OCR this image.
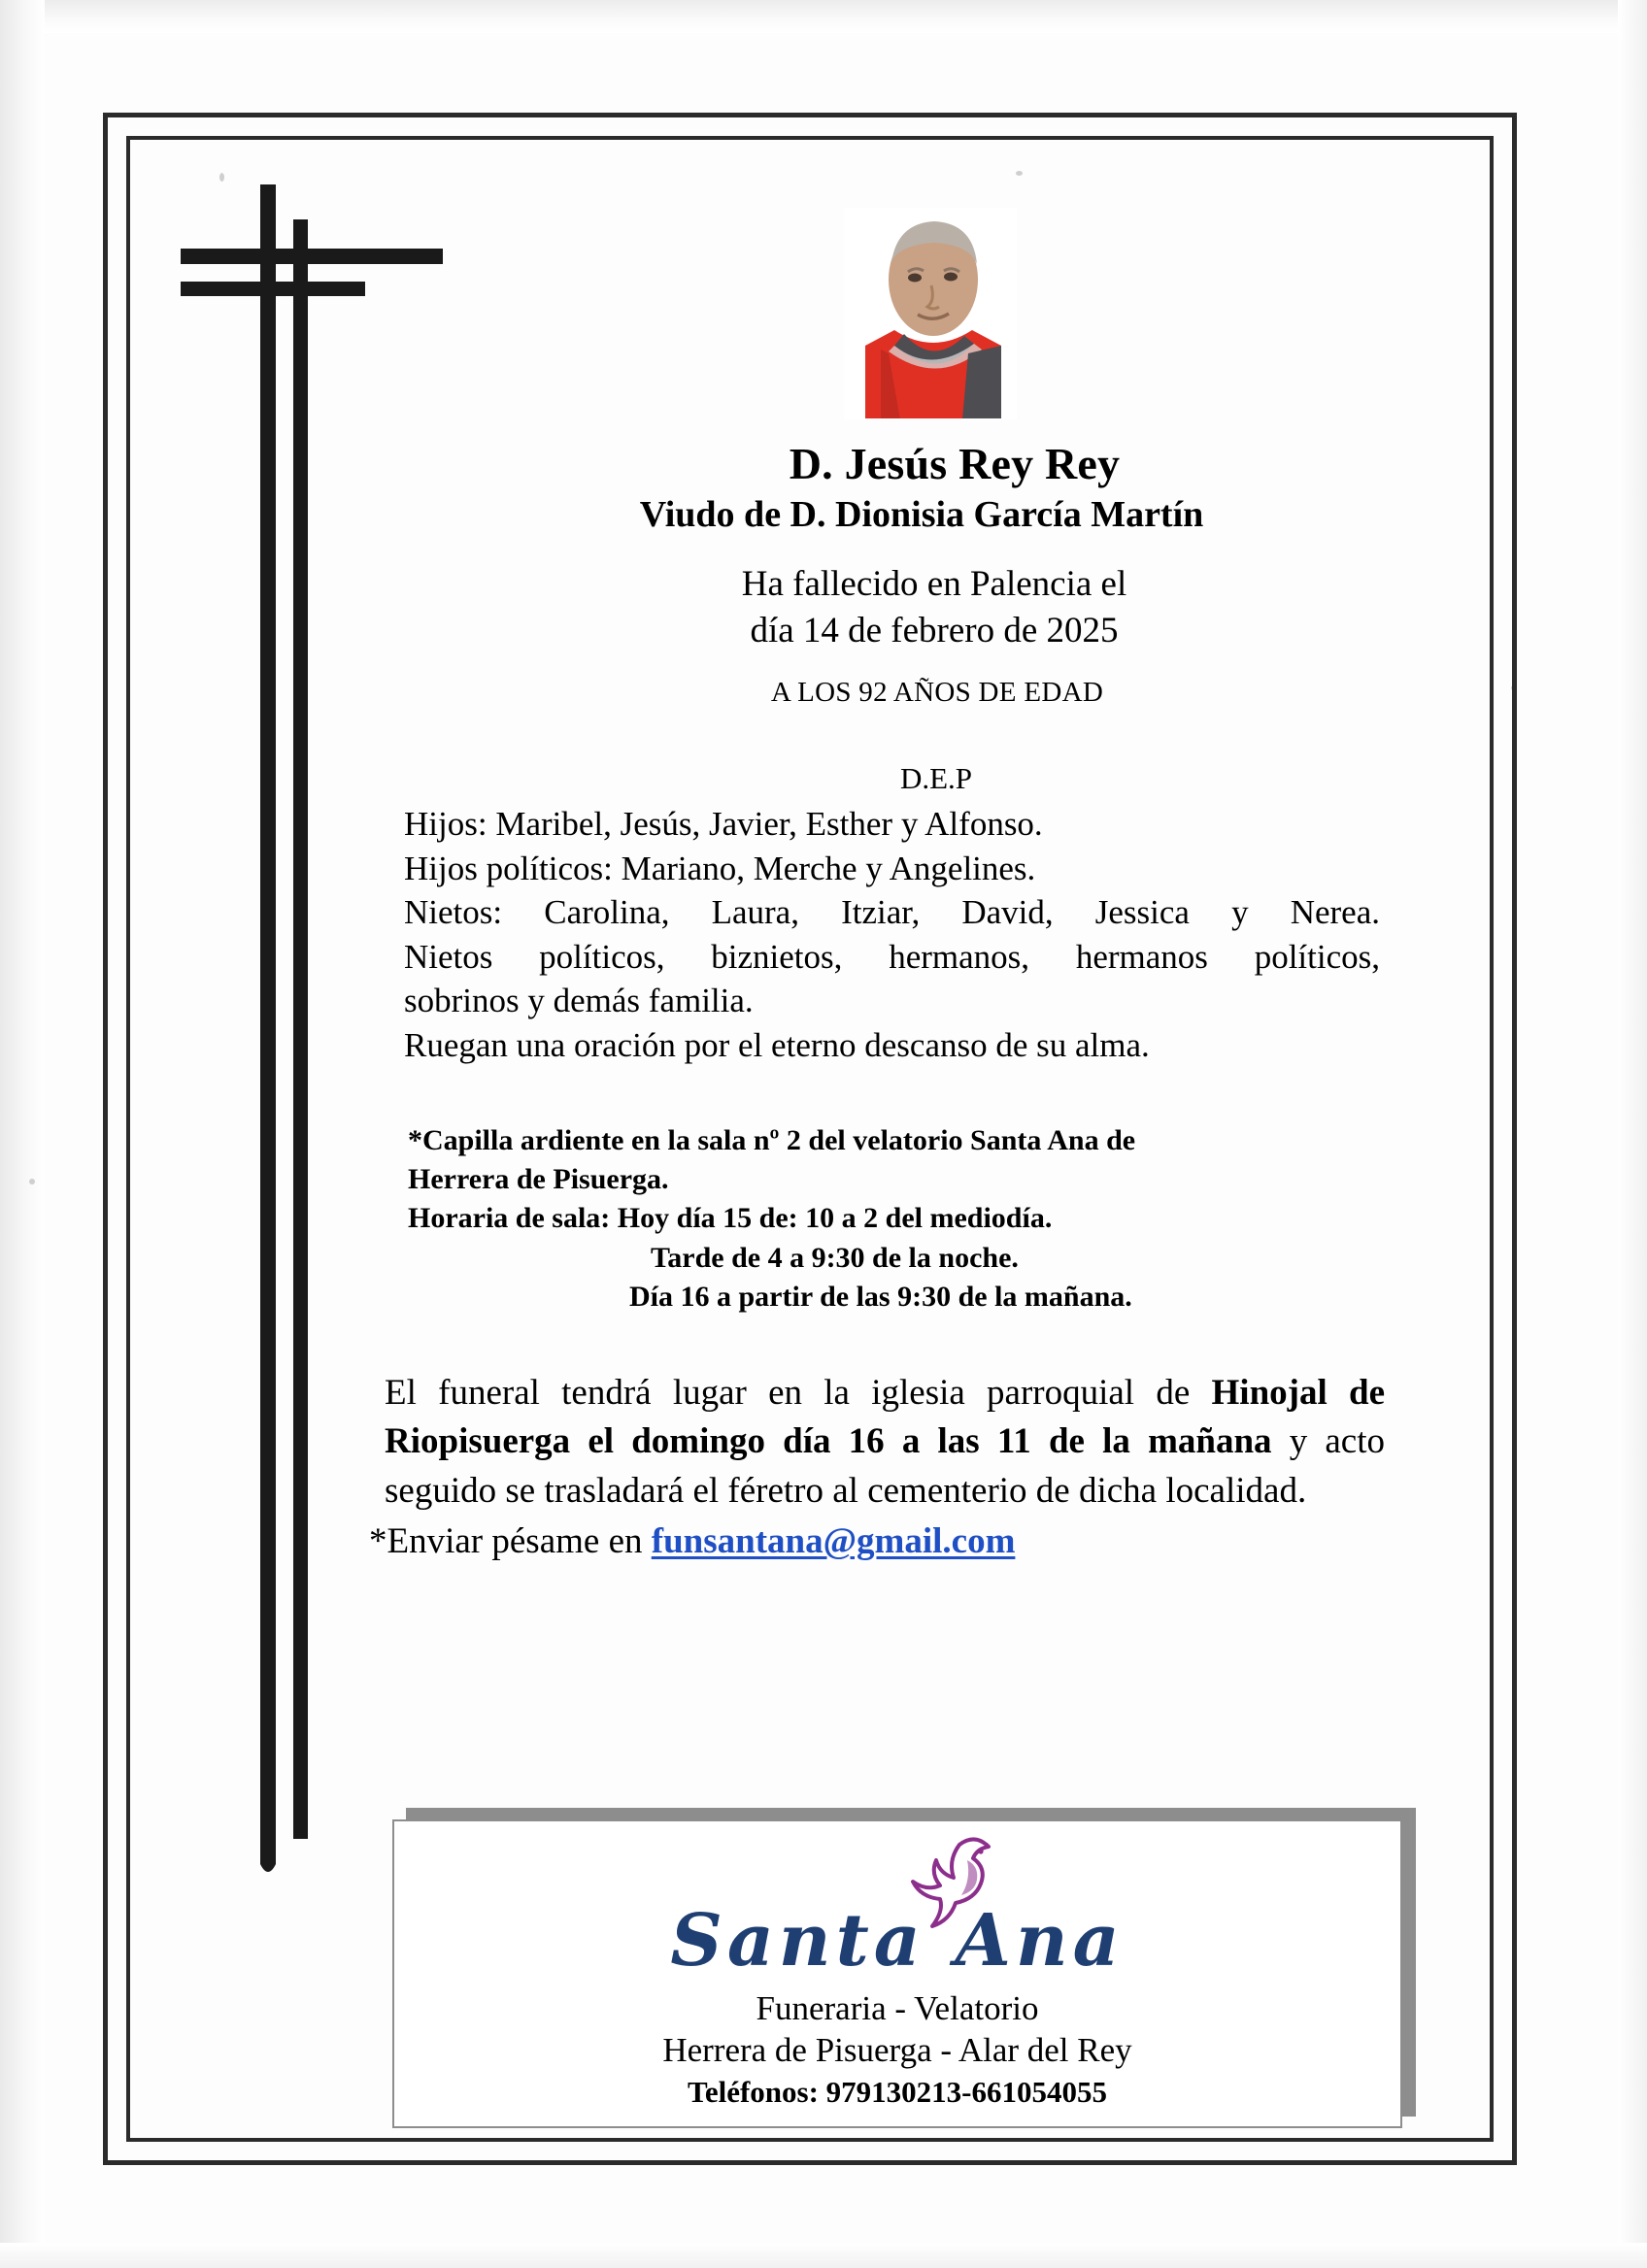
D. Jesús Rey Rey
Viudo de D. Dionisia García Martín
Ha fallecido en Palencia el
día 14 de febrero de 2025
A LOS 92 AÑOS DE EDAD
D.E.P
Hijos: Maribel, Jesús, Javier, Esther y Alfonso.
Hijos políticos: Mariano, Merche y Angelines.
Nietos: Carolina, Laura, Itziar, David, Jessica y Nerea.
Nietos políticos, biznietos, hermanos, hermanos políticos,
sobrinos y demás familia.
Ruegan una oración por el eterno descanso de su alma.
*Capilla ardiente en la sala nº 2 del velatorio Santa Ana de
Herrera de Pisuerga.
Horaria de sala: Hoy día 15 de: 10 a 2 del mediodía.
Tarde de 4 a 9:30 de la noche.
Día 16 a partir de las 9:30 de la mañana.
El funeral tendrá lugar en la iglesia parroquial de Hinojal de Riopisuerga el domingo día 16 a las 11 de la mañana y acto seguido se trasladará el féretro al cementerio de dicha localidad.
*Enviar pésame en funsantana@gmail.com
Santa Ana
Funeraria - Velatorio
Herrera de Pisuerga - Alar del Rey
Teléfonos: 979130213-661054055
